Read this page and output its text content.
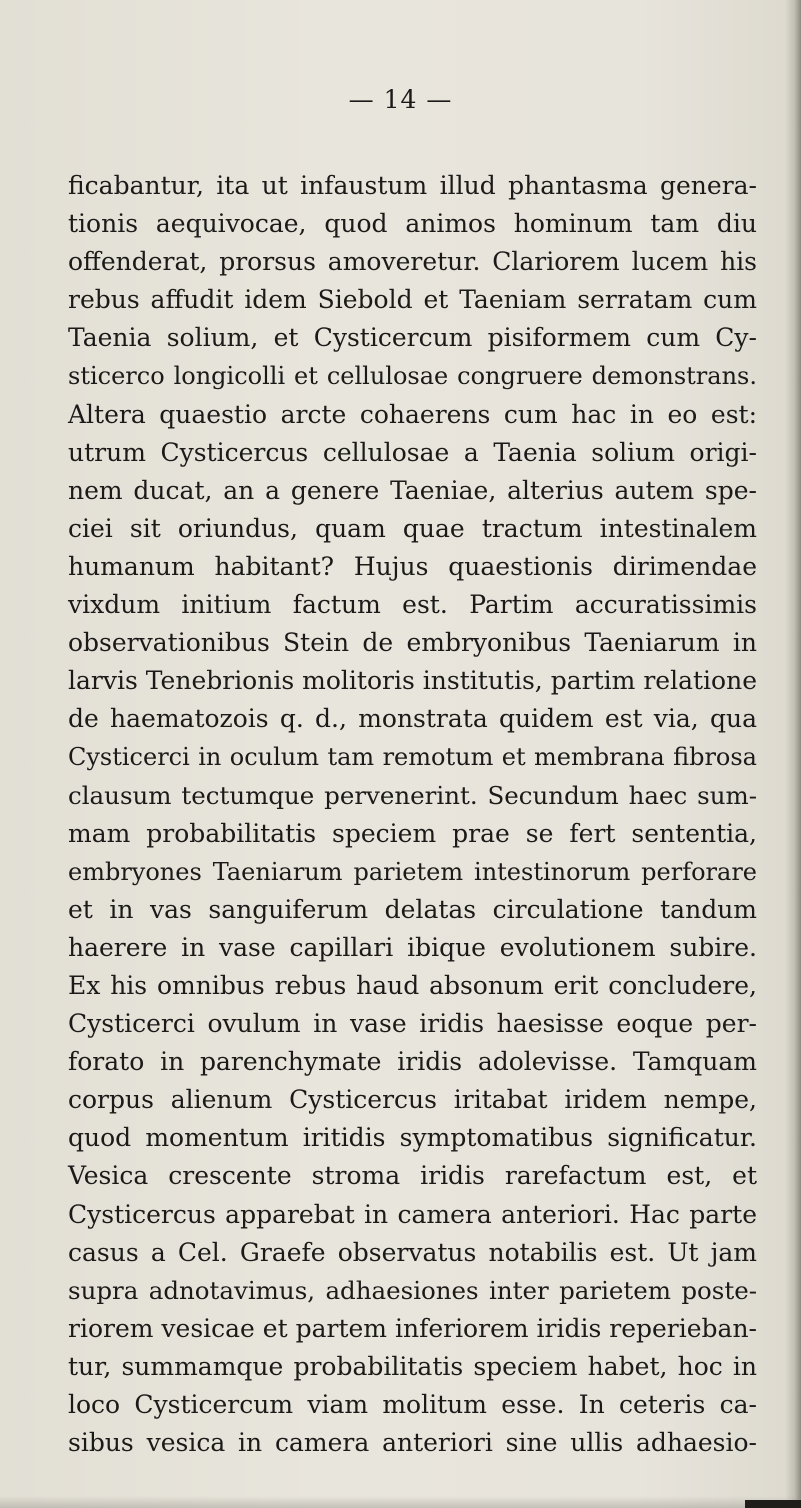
— 14 —
ficabantur, ita ut infaustum illud phantasma genera-
tionis aequivocae, quod animos hominum tam diu
offenderat, prorsus amoveretur. Clariorem lucem his
rebus affudit idem Siebold et Taeniam serratam cum
Taenia solium, et Cysticercum pisiformem cum Cy-
sticerco longicolli et cellulosae congruere demonstrans.
Altera quaestio arcte cohaerens cum hac in eo est:
utrum Cysticercus cellulosae a Taenia solium origi-
nem ducat, an a genere Taeniae, alterius autem spe-
ciei sit oriundus, quam quae tractum intestinalem
humanum habitant? Hujus quaestionis dirimendae
vixdum initium factum est. Partim accuratissimis
observationibus Stein de embryonibus Taeniarum in
larvis Tenebrionis molitoris institutis, partim relatione
de haematozois q. d., monstrata quidem est via, qua
Cysticerci in oculum tam remotum et membrana fibrosa
clausum tectumque pervenerint. Secundum haec sum-
mam probabilitatis speciem prae se fert sententia,
embryones Taeniarum parietem intestinorum perforare
et in vas sanguiferum delatas circulatione tandum
haerere in vase capillari ibique evolutionem subire.
Ex his omnibus rebus haud absonum erit concludere,
Cysticerci ovulum in vase iridis haesisse eoque per-
forato in parenchymate iridis adolevisse. Tamquam
corpus alienum Cysticercus iritabat iridem nempe,
quod momentum iritidis symptomatibus significatur.
Vesica crescente stroma iridis rarefactum est, et
Cysticercus apparebat in camera anteriori. Hac parte
casus a Cel. Graefe observatus notabilis est. Ut jam
supra adnotavimus, adhaesiones inter parietem poste-
riorem vesicae et partem inferiorem iridis reperieban-
tur, summamque probabilitatis speciem habet, hoc in
loco Cysticercum viam molitum esse. In ceteris ca-
sibus vesica in camera anteriori sine ullis adhaesio-
